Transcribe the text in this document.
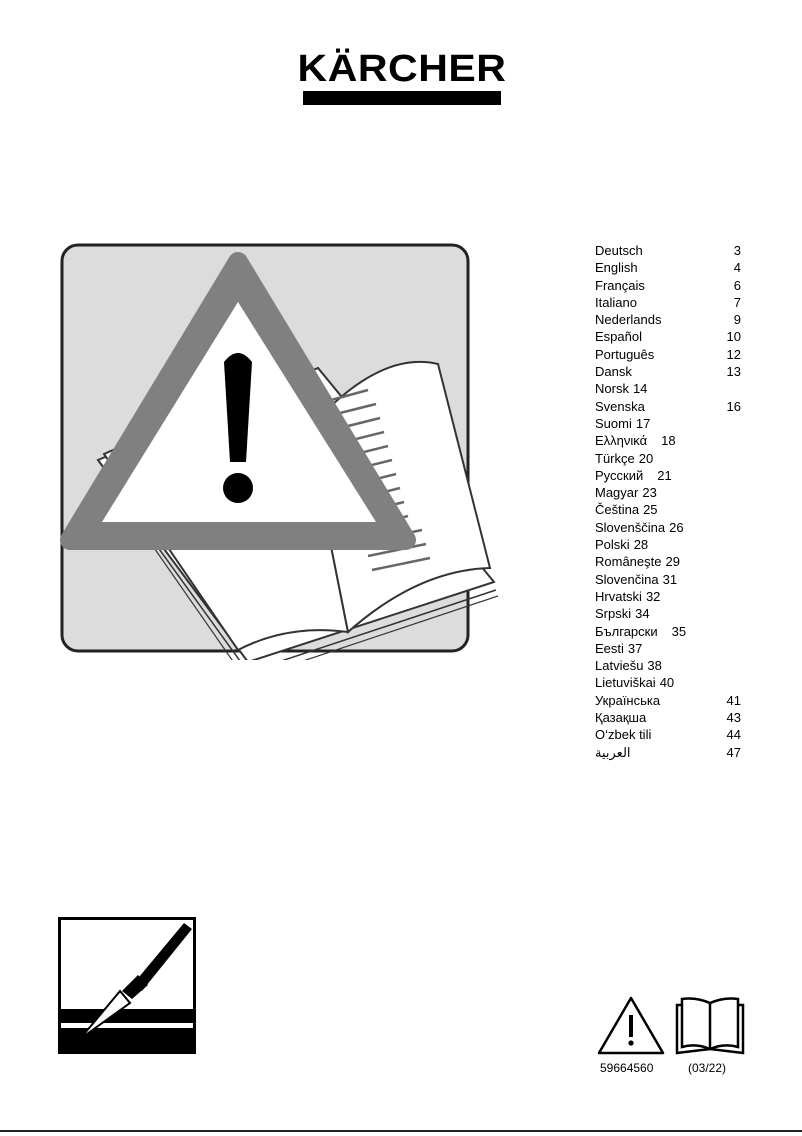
KÄRCHER
Deutsch	3
English	4
Français	6
Italiano	7
Nederlands	9
Español	10
Português	12
Dansk	13
Norsk 14
Svenska	16
Suomi 17
Ελληνικά 18
Türkçe 20
Русский 21
Magyar 23
Čeština 25
Slovenščina 26
Polski 28
Româneşte 29
Slovenčina 31
Hrvatski 32
Srpski 34
Български 35
Eesti 37
Latviešu 38
Lietuviškai 40
Українська	41
Қазақша	43
O‘zbek tili	44
العربية	47
59664560	(03/22)
